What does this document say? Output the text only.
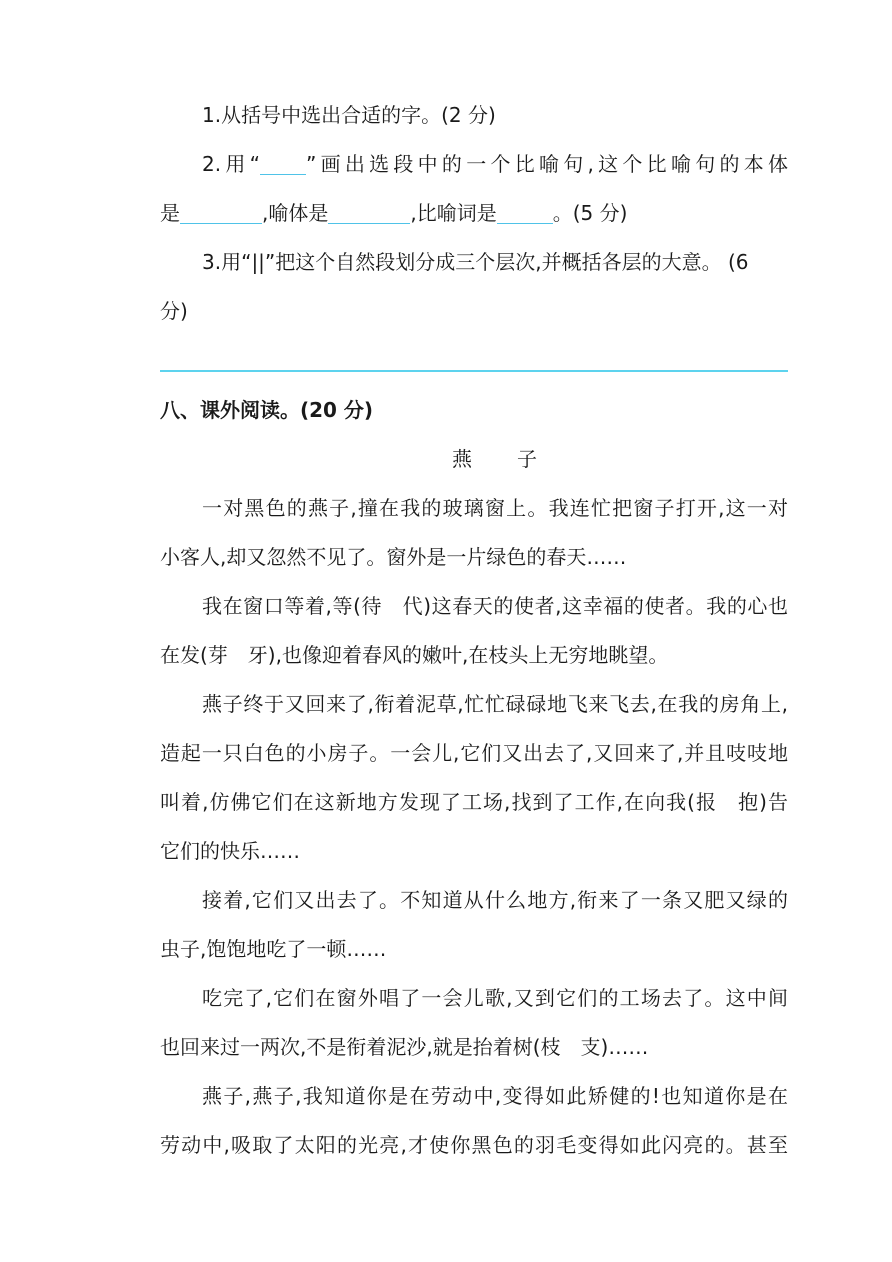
1.从括号中选出合适的字。(2 分)
2.用“ ”画出选段中的一个比喻句,这个比喻句的本体
是	,喻体是	,比喻词是	。(5 分)
3.用“||”把这个自然段划分成三个层次,并概括各层的大意。 (6
分)
八、课外阅读。(20 分)
燕 子
一对黑色的燕子,撞在我的玻璃窗上。我连忙把窗子打开,这一对
小客人,却又忽然不见了。窗外是一片绿色的春天……
我在窗口等着,等(待　代)这春天的使者,这幸福的使者。我的心也
在发(芽　牙),也像迎着春风的嫩叶,在枝头上无穷地眺望。
燕子终于又回来了,衔着泥草,忙忙碌碌地飞来飞去,在我的房角上,
造起一只白色的小房子。一会儿,它们又出去了,又回来了,并且吱吱地
叫着,仿佛它们在这新地方发现了工场,找到了工作,在向我(报　抱)告
它们的快乐……
接着,它们又出去了。不知道从什么地方,衔来了一条又肥又绿的
虫子,饱饱地吃了一顿……
吃完了,它们在窗外唱了一会儿歌,又到它们的工场去了。这中间
也回来过一两次,不是衔着泥沙,就是抬着树(枝　支)……
燕子,燕子,我知道你是在劳动中,变得如此矫健的!也知道你是在
劳动中,吸取了太阳的光亮,才使你黑色的羽毛变得如此闪亮的。甚至
